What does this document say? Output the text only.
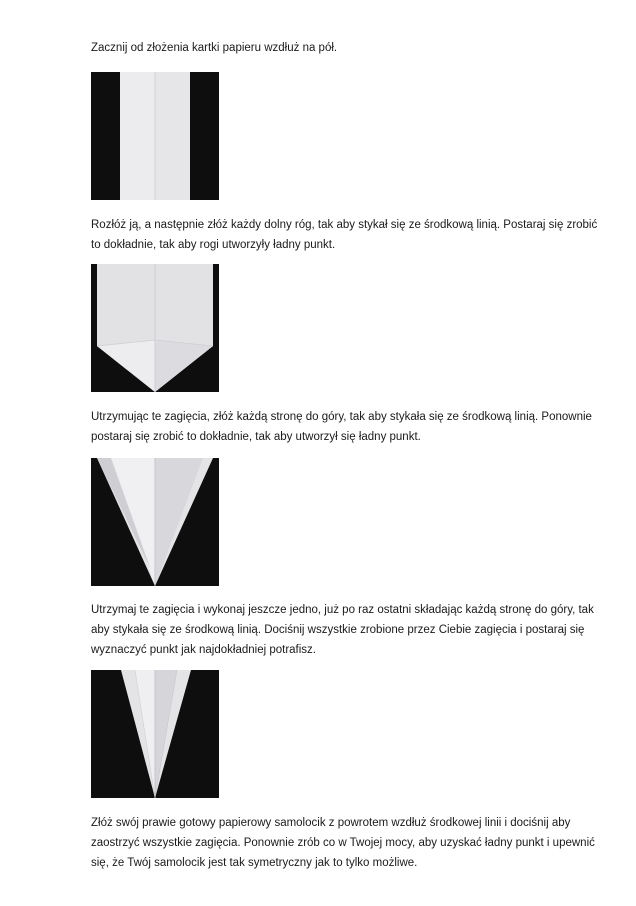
Zacznij od złożenia kartki papieru wzdłuż na pół.

Rozłóż ją, a następnie złóż każdy dolny róg, tak aby stykał się ze środkową linią. Postaraj się zrobić to dokładnie, tak aby rogi utworzyły ładny punkt.

Utrzymując te zagięcia, złóż każdą stronę do góry, tak aby stykała się ze środkową linią. Ponownie postaraj się zrobić to dokładnie, tak aby utworzył się ładny punkt.

Utrzymaj te zagięcia i wykonaj jeszcze jedno, już po raz ostatni składając każdą stronę do góry, tak aby stykała się ze środkową linią. Dociśnij wszystkie zrobione przez Ciebie zagięcia i postaraj się wyznaczyć punkt jak najdokładniej potrafisz.

Złóż swój prawie gotowy papierowy samolocik z powrotem wzdłuż środkowej linii i dociśnij aby zaostrzyć wszystkie zagięcia. Ponownie zrób co w Twojej mocy, aby uzyskać ładny punkt i upewnić się, że Twój samolocik jest tak symetryczny jak to tylko możliwe.
